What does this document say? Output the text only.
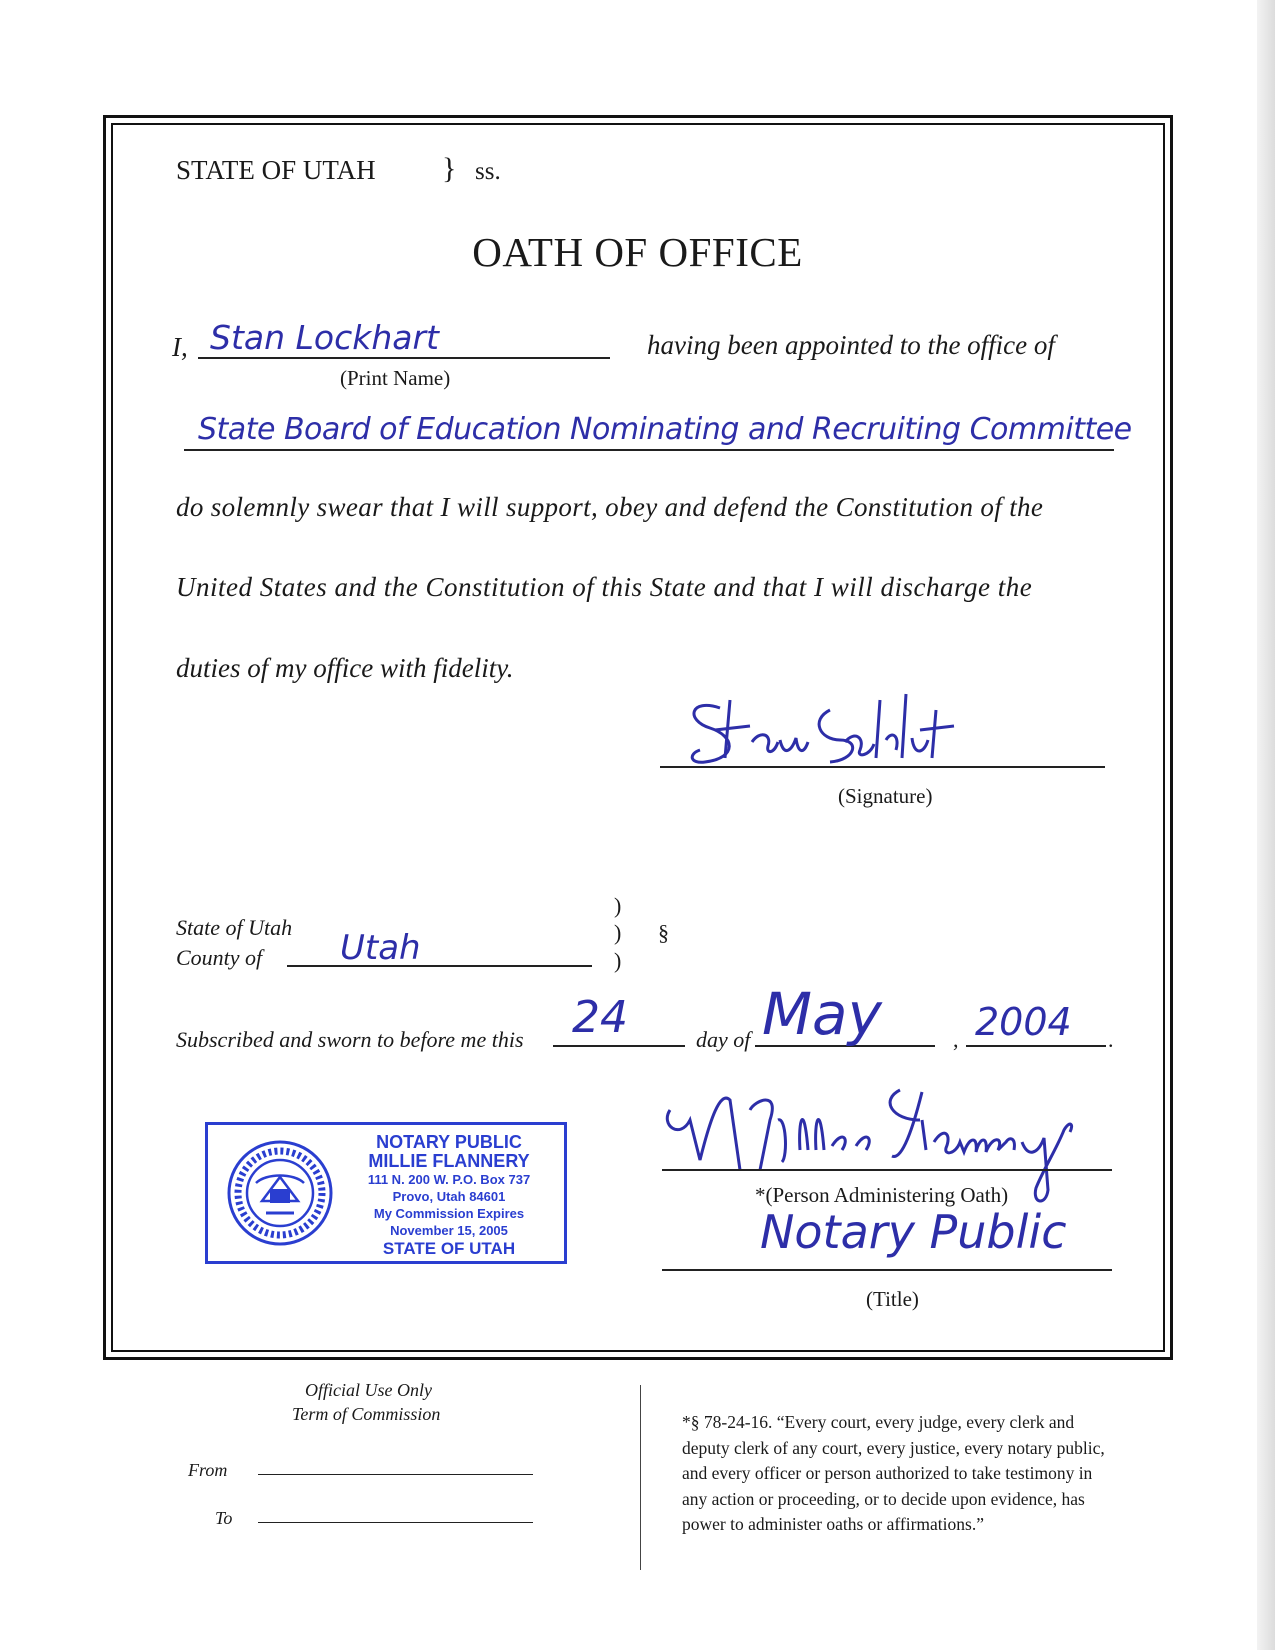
STATE OF UTAH } ss.
OATH OF OFFICE
I, Stan Lockhart
(Print Name)
having been appointed to the office of
State Board of Education Nominating and Recruiting Committee
do solemnly swear that I will support, obey and defend the Constitution of the
United States and the Constitution of this State and that I will discharge the
duties of my office with fidelity.
(Signature)
State of Utah
County of Utah
)
)
)
§
Subscribed and sworn to before me this 24	day of May	, 2004 .
NOTARY PUBLIC
MILLIE FLANNERY
111 N. 200 W. P.O. Box 737
Provo, Utah 84601
My Commission Expires
November 15, 2005
STATE OF UTAH
*(Person Administering Oath)
Notary Public
(Title)
Official Use Only
Term of Commission
From
To
*§ 78-24-16. “Every court, every judge, every clerk and
deputy clerk of any court, every justice, every notary public,
and every officer or person authorized to take testimony in
any action or proceeding, or to decide upon evidence, has
power to administer oaths or affirmations.”
